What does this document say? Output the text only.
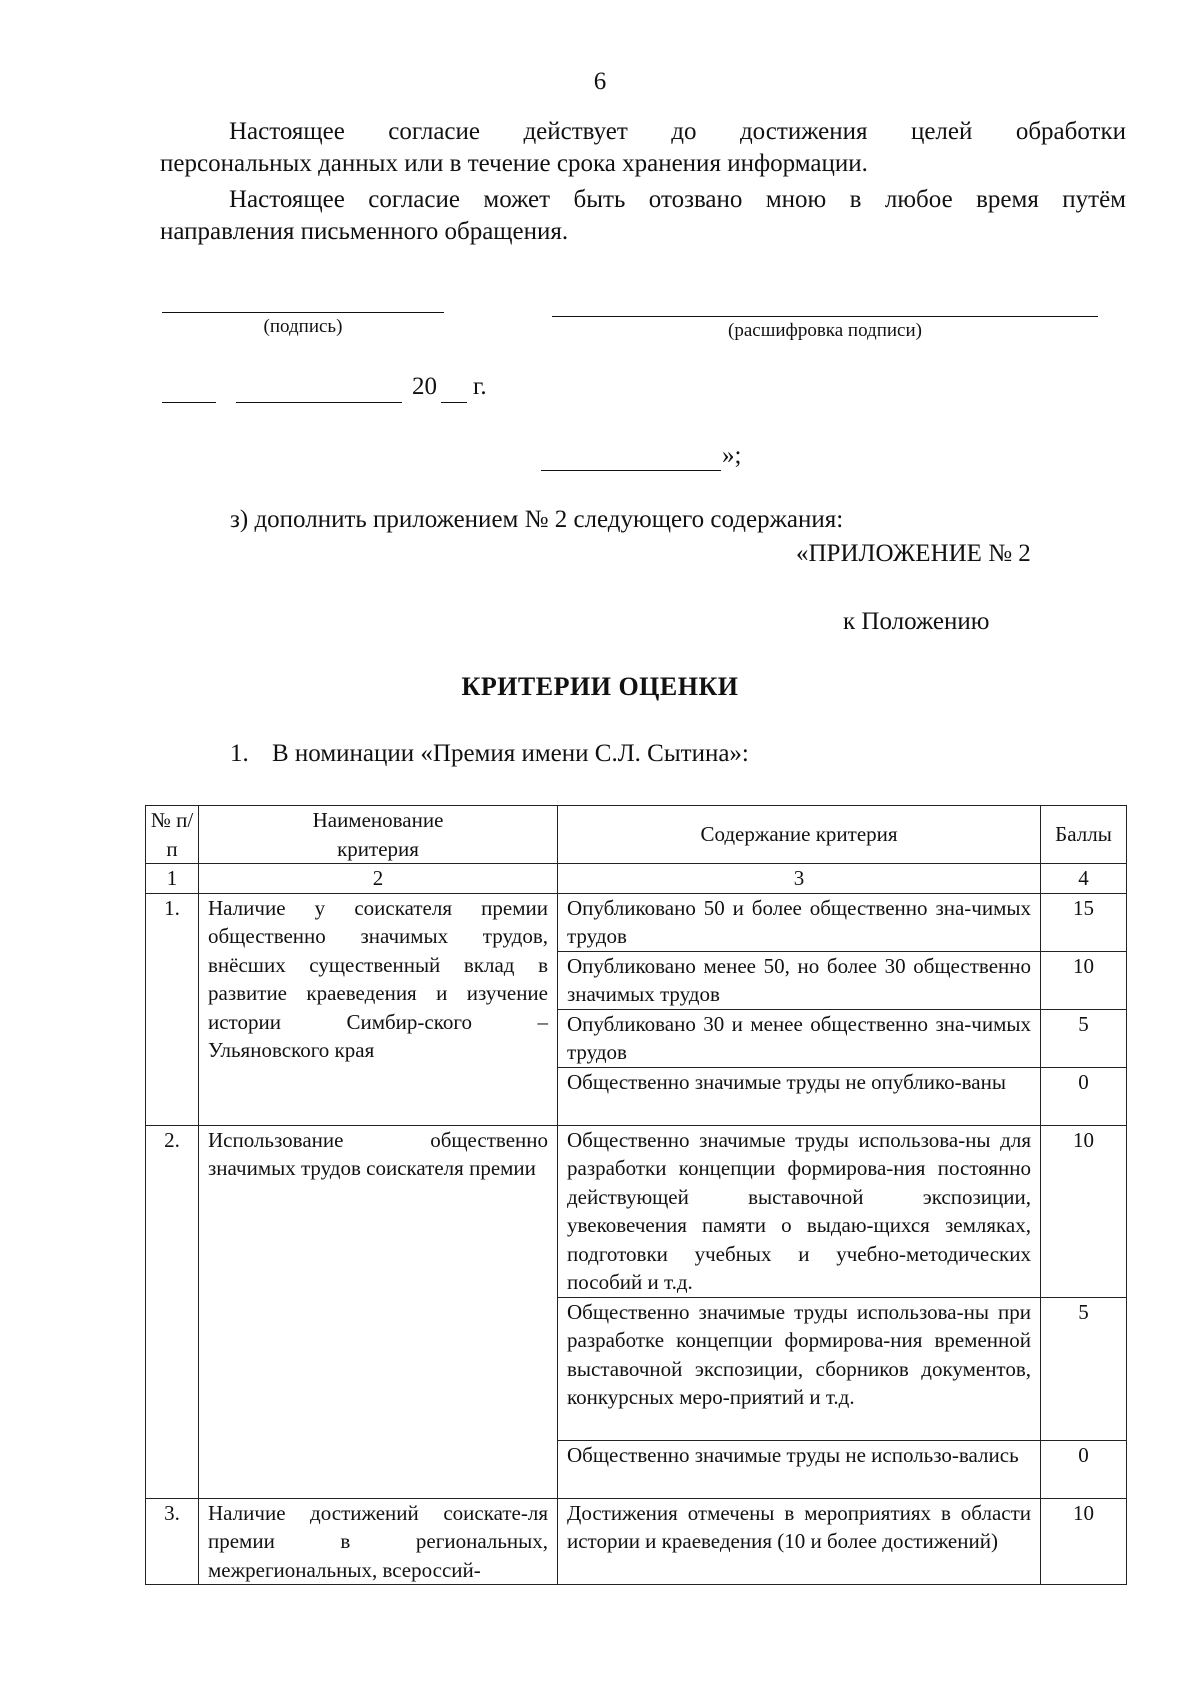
6
Настоящее согласие действует до достижения целей обработки
персональных данных или в течение срока хранения информации.
Настоящее согласие может быть отозвано мною в любое время путём
направления письменного обращения.
(подпись)	(расшифровка подписи)
20 г.
»;
з) дополнить приложением № 2 следующего содержания:
«ПРИЛОЖЕНИЕ № 2
к Положению
КРИТЕРИИ ОЦЕНКИ
1. В номинации «Премия имени С.Л. Сытина»:
№ п/п	Наименование критерия	Содержание критерия	Баллы
1	2	3	4
1.	Наличие у соискателя премии общественно значимых трудов, внёсших существенный вклад в развитие краеведения и изучение истории Симбир-ского – Ульяновского края	Опубликовано 50 и более общественно зна-чимых трудов	15
		Опубликовано менее 50, но более 30 общественно значимых трудов	10
		Опубликовано 30 и менее общественно зна-чимых трудов	5
		Общественно значимые труды не опублико-ваны	0
2.	Использование общественно значимых трудов соискателя премии	Общественно значимые труды использова-ны для разработки концепции формирова-ния постоянно действующей выставочной экспозиции, увековечения памяти о выдаю-щихся земляках, подготовки учебных и учебно-методических пособий и т.д.	10
		Общественно значимые труды использова-ны при разработке концепции формирова-ния временной выставочной экспозиции, сборников документов, конкурсных меро-приятий и т.д.	5
		Общественно значимые труды не использо-вались	0
3.	Наличие достижений соискате-ля премии в региональных, межрегиональных, всероссий-	Достижения отмечены в мероприятиях в области истории и краеведения (10 и более достижений)	10
